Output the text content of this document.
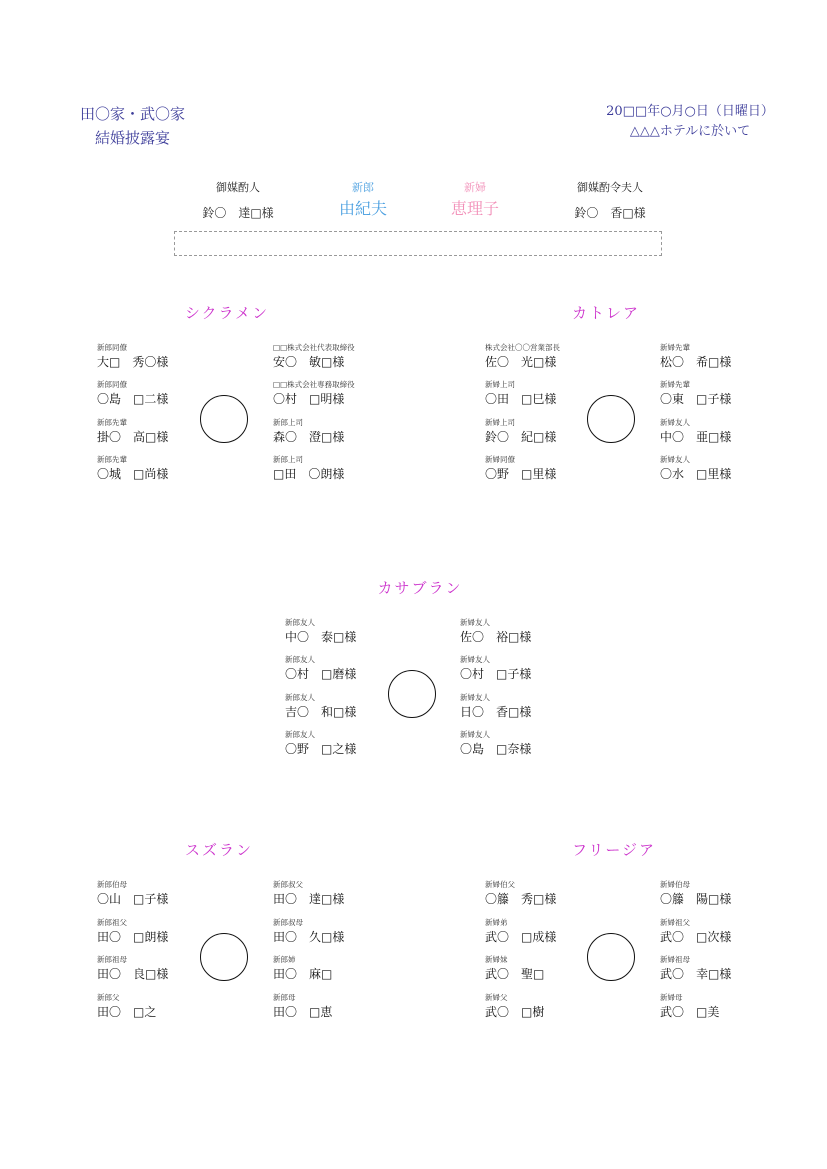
田〇家・武〇家
結婚披露宴
20□□年○月○日（日曜日）
△△△ホテルに於いて
御媒酌人
鈴〇　達□様
新郎
由紀夫
新婦
恵理子
御媒酌令夫人
鈴〇　香□様
シクラメン
新郎同僚
大□　秀〇様
新郎同僚
〇島　□二様
新郎先輩
掛〇　高□様
新郎先輩
〇城　□尚様
□□株式会社代表取締役
安〇　敏□様
□□株式会社専務取締役
〇村　□明様
新郎上司
森〇　澄□様
新郎上司
□田　〇朗様
カトレア
株式会社〇〇営業部長
佐〇　光□様
新婦上司
〇田　□巳様
新婦上司
鈴〇　紀□様
新婦同僚
〇野　□里様
新婦先輩
松〇　希□様
新婦先輩
〇東　□子様
新婦友人
中〇　亜□様
新婦友人
〇水　□里様
カサブラン
新郎友人
中〇　泰□様
新郎友人
〇村　□磨様
新郎友人
吉〇　和□様
新郎友人
〇野　□之様
新婦友人
佐〇　裕□様
新婦友人
〇村　□子様
新婦友人
日〇　香□様
新婦友人
〇島　□奈様
スズラン
新郎伯母
〇山　□子様
新郎祖父
田〇　□朗様
新郎祖母
田〇　良□様
新郎父
田〇　□之
新郎叔父
田〇　達□様
新郎叔母
田〇　久□様
新郎姉
田〇　麻□
新郎母
田〇　□恵
フリージア
新婦伯父
〇籐　秀□様
新婦弟
武〇　□成様
新婦妹
武〇　聖□
新婦父
武〇　□樹
新婦伯母
〇籐　陽□様
新婦祖父
武〇　□次様
新婦祖母
武〇　幸□様
新婦母
武〇　□美
